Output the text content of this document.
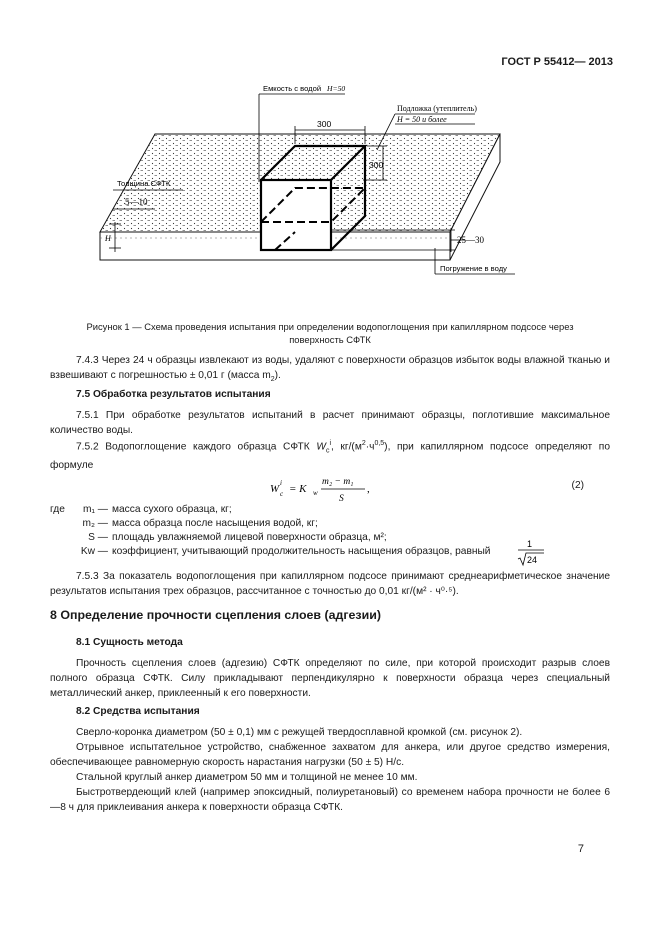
ГОСТ Р 55412— 2013
Емкость с водой H=50
Подложка (утеплитель)
H = 50 и более
300
300
Толщина СФТК
5—10
H	25—30
Погружение в воду
Рисунок 1 — Схема проведения испытания при определении водопоглощения при капиллярном подсосе через
поверхность СФТК
7.4.3 Через 24 ч образцы извлекают из воды, удаляют с поверхности образцов избыток воды влажной тканью и взвешивают с погрешностью ± 0,01 г (масса $m_2$).
7.5 Обработка результатов испытания
7.5.1 При обработке результатов испытаний в расчет принимают образцы, поглотившие максимальное количество воды.
7.5.2 Водопоглощение каждого образца СФТК $W_c^i$, $кг/(м^2\cdot ч^{0,5})$, при капиллярном подсосе определяют по формуле
W c
i = K w
m₂ − m₁
S
,	(2)
где	m₁ — масса сухого образца, кг;
m₂ — масса образца после насыщения водой, кг;
S — площадь увлажняемой лицевой поверхности образца, м²;
Kw — коэффициент, учитывающий продолжительность насыщения образцов, равный
1
24
7.5.3 За показатель водопоглощения при капиллярном подсосе принимают среднеарифметическое значение результатов испытания трех образцов, рассчитанное с точностью до 0,01 кг/(м² · ч⁰·⁵).
8 Определение прочности сцепления слоев (адгезии)
8.1 Сущность метода
Прочность сцепления слоев (адгезию) СФТК определяют по силе, при которой происходит разрыв слоев полного образца СФТК. Силу прикладывают перпендикулярно к поверхности образца через специальный металлический анкер, приклеенный к его поверхности.
8.2 Средства испытания
Сверло-коронка диаметром (50 ± 0,1) мм с режущей твердосплавной кромкой (см. рисунок 2).
Отрывное испытательное устройство, снабженное захватом для анкера, или другое средство измерения, обеспечивающее равномерную скорость нарастания нагрузки (50 ± 5) Н/с.
Стальной круглый анкер диаметром 50 мм и толщиной не менее 10 мм.
Быстротвердеющий клей (например эпоксидный, полиуретановый) со временем набора прочности не более 6—8 ч для приклеивания анкера к поверхности образца СФТК.
7
